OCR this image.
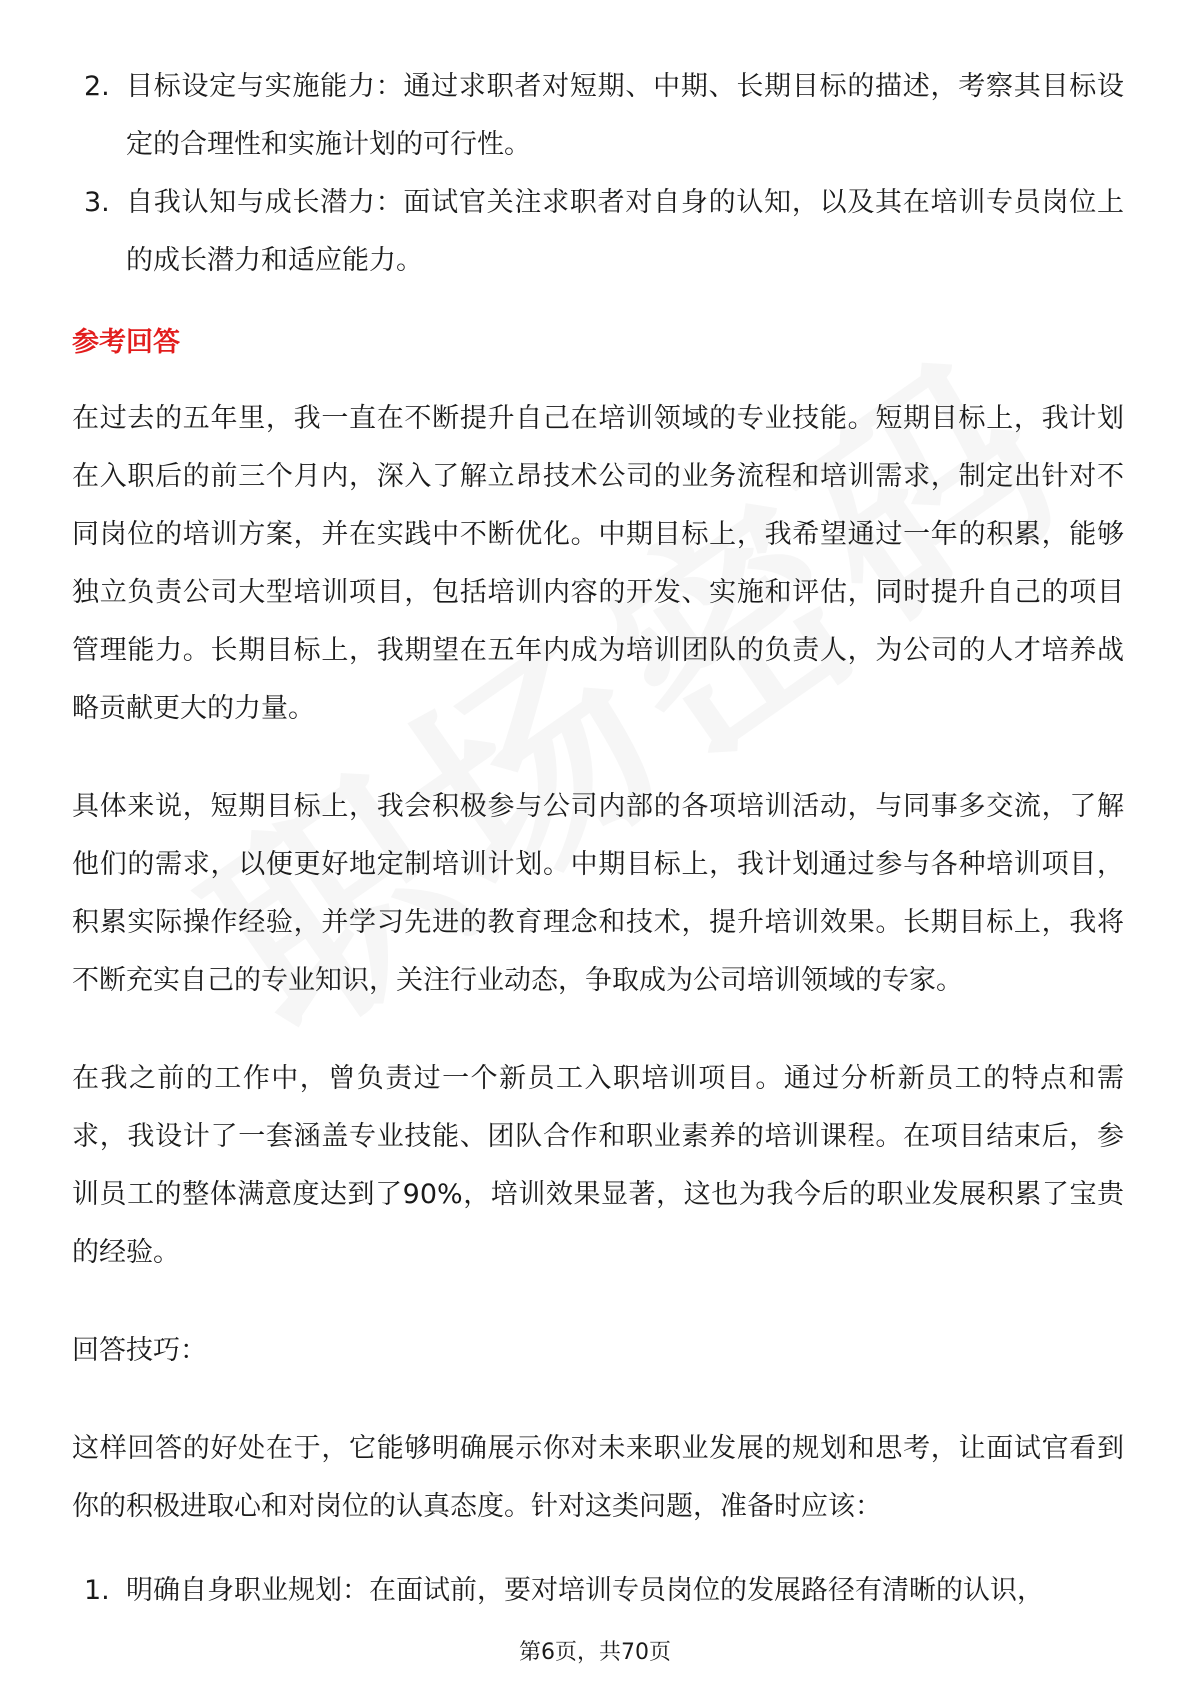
2. 目标设定与实施能力：通过求职者对短期、中期、长期目标的描述，考察其目标设定的合理性和实施计划的可行性。
3. 自我认知与成长潜力：面试官关注求职者对自身的认知，以及其在培训专员岗位上的成长潜力和适应能力。
参考回答
在过去的五年里，我一直在不断提升自己在培训领域的专业技能。短期目标上，我计划在入职后的前三个月内，深入了解立昂技术公司的业务流程和培训需求，制定出针对不同岗位的培训方案，并在实践中不断优化。中期目标上，我希望通过一年的积累，能够独立负责公司大型培训项目，包括培训内容的开发、实施和评估，同时提升自己的项目管理能力。长期目标上，我期望在五年内成为培训团队的负责人，为公司的人才培养战略贡献更大的力量。
具体来说，短期目标上，我会积极参与公司内部的各项培训活动，与同事多交流，了解他们的需求，以便更好地定制培训计划。中期目标上，我计划通过参与各种培训项目，积累实际操作经验，并学习先进的教育理念和技术，提升培训效果。长期目标上，我将不断充实自己的专业知识，关注行业动态，争取成为公司培训领域的专家。
在我之前的工作中，曾负责过一个新员工入职培训项目。通过分析新员工的特点和需求，我设计了一套涵盖专业技能、团队合作和职业素养的培训课程。在项目结束后，参训员工的整体满意度达到了90%，培训效果显著，这也为我今后的职业发展积累了宝贵的经验。
回答技巧：
这样回答的好处在于，它能够明确展示你对未来职业发展的规划和思考，让面试官看到你的积极进取心和对岗位的认真态度。针对这类问题，准备时应该：
1. 明确自身职业规划：在面试前，要对培训专员岗位的发展路径有清晰的认识，
第6页，共70页
